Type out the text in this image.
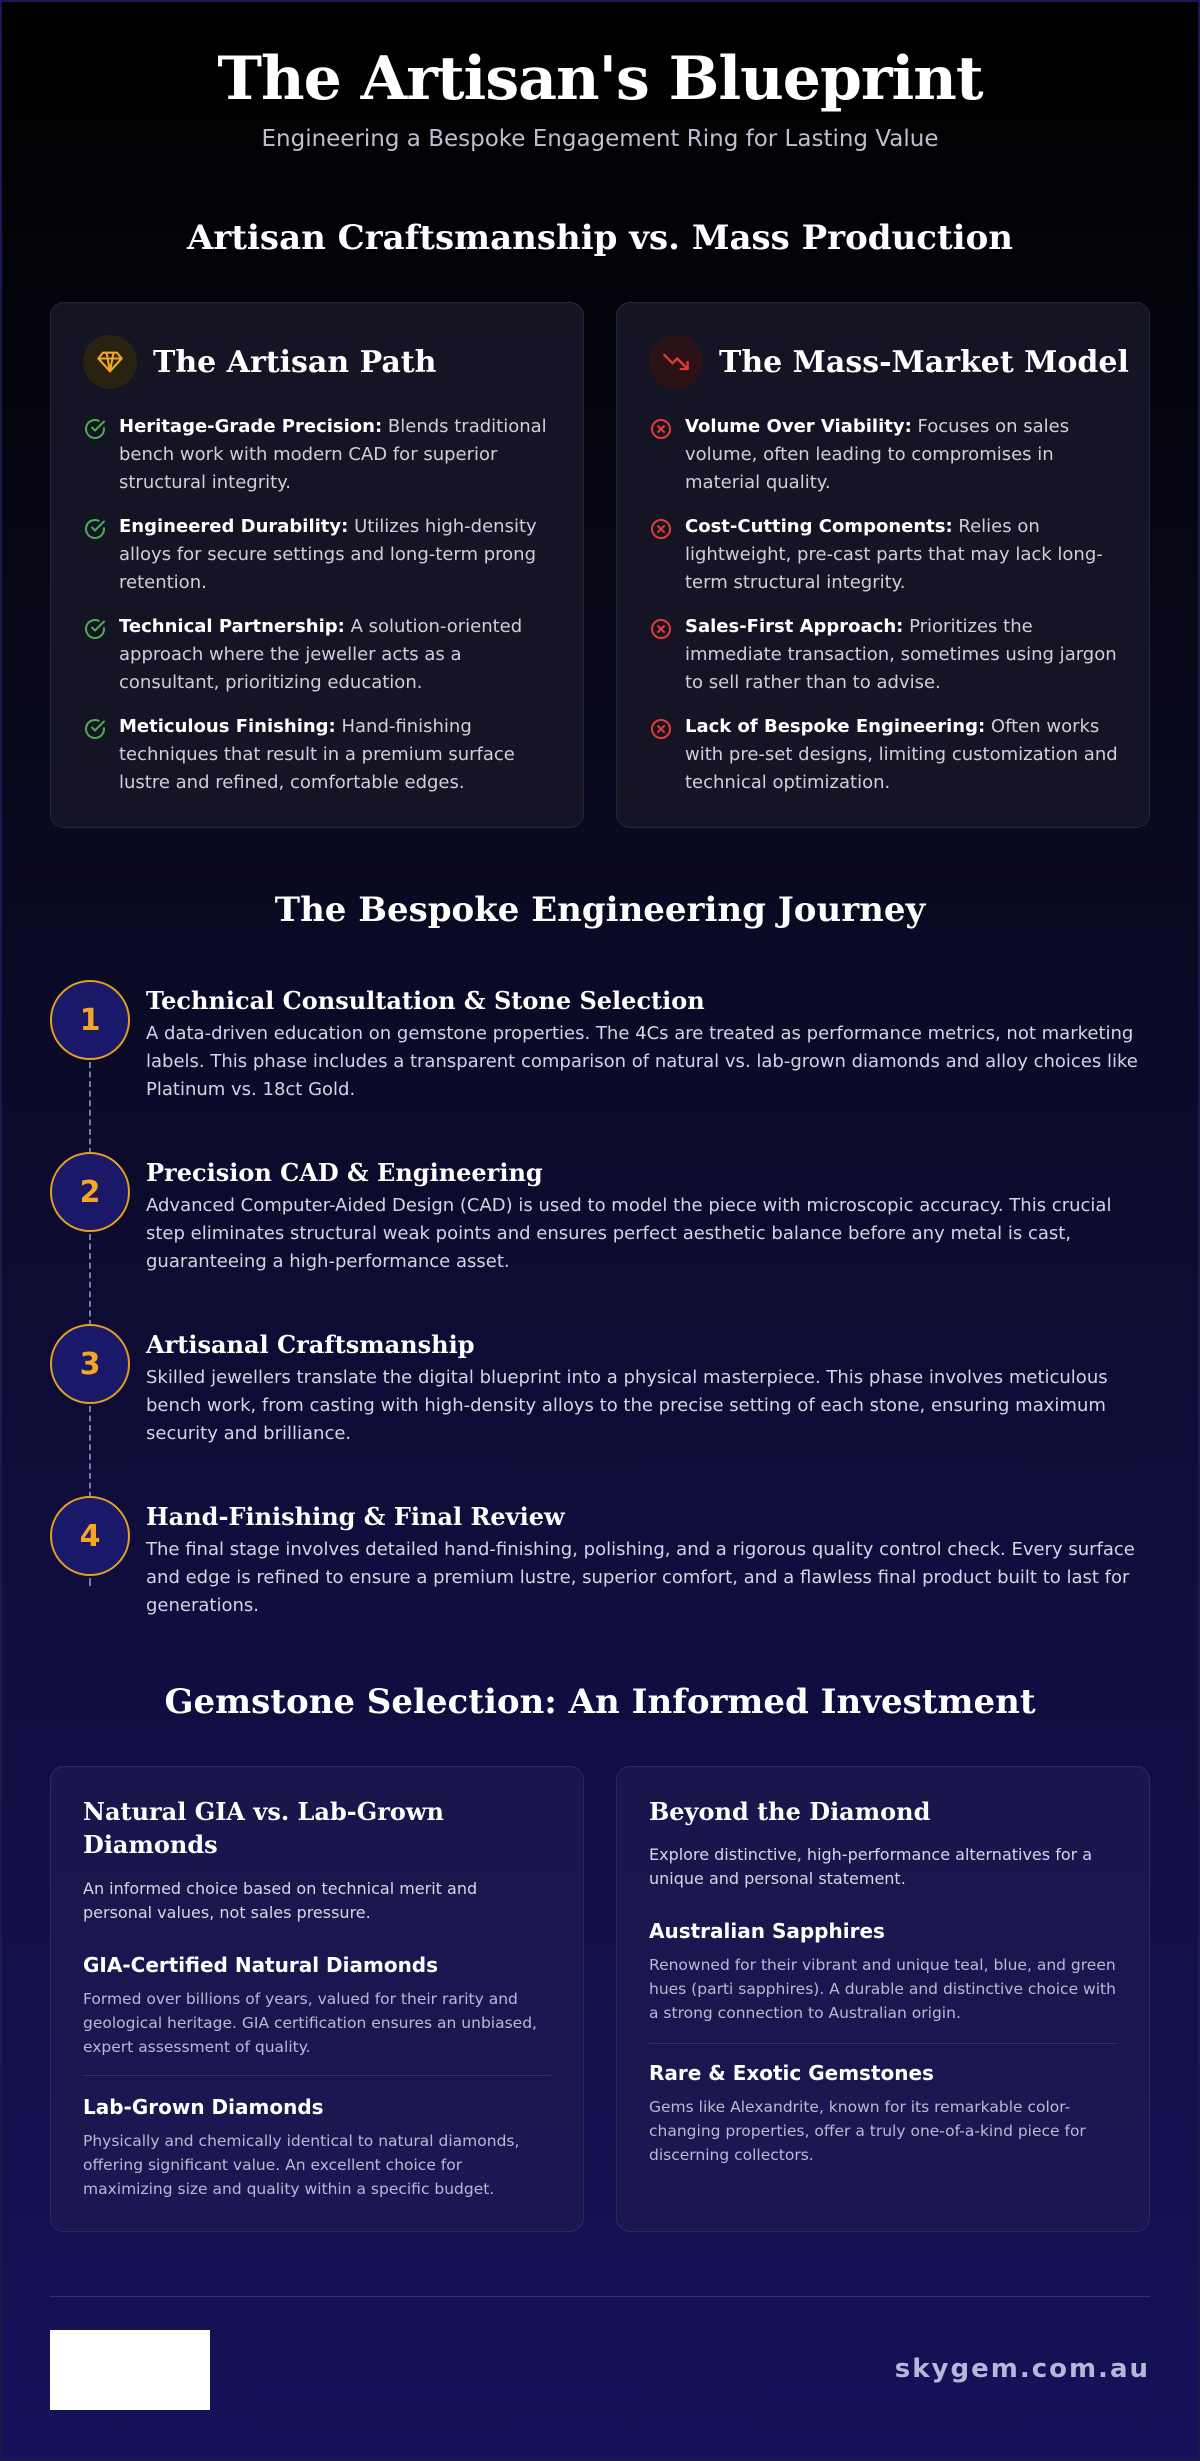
The Artisan's Blueprint
Engineering a Bespoke Engagement Ring for Lasting Value
Artisan Craftsmanship vs. Mass Production
The Artisan Path
Heritage-Grade Precision: Blends traditional bench work with modern CAD for superior structural integrity.
Engineered Durability: Utilizes high-density alloys for secure settings and long-term prong retention.
Technical Partnership: A solution-oriented approach where the jeweller acts as a consultant, prioritizing education.
Meticulous Finishing: Hand-finishing techniques that result in a premium surface lustre and refined, comfortable edges.
The Mass-Market Model
Volume Over Viability: Focuses on sales volume, often leading to compromises in material quality.
Cost-Cutting Components: Relies on lightweight, pre-cast parts that may lack long-term structural integrity.
Sales-First Approach: Prioritizes the immediate transaction, sometimes using jargon to sell rather than to advise.
Lack of Bespoke Engineering: Often works with pre-set designs, limiting customization and technical optimization.
The Bespoke Engineering Journey
1
Technical Consultation & Stone Selection
A data-driven education on gemstone properties. The 4Cs are treated as performance metrics, not marketing labels. This phase includes a transparent comparison of natural vs. lab-grown diamonds and alloy choices like Platinum vs. 18ct Gold.
2
Precision CAD & Engineering
Advanced Computer-Aided Design (CAD) is used to model the piece with microscopic accuracy. This crucial step eliminates structural weak points and ensures perfect aesthetic balance before any metal is cast, guaranteeing a high-performance asset.
3
Artisanal Craftsmanship
Skilled jewellers translate the digital blueprint into a physical masterpiece. This phase involves meticulous bench work, from casting with high-density alloys to the precise setting of each stone, ensuring maximum security and brilliance.
4
Hand-Finishing & Final Review
The final stage involves detailed hand-finishing, polishing, and a rigorous quality control check. Every surface and edge is refined to ensure a premium lustre, superior comfort, and a flawless final product built to last for generations.
Gemstone Selection: An Informed Investment
Natural GIA vs. Lab-Grown Diamonds
An informed choice based on technical merit and personal values, not sales pressure.
GIA-Certified Natural Diamonds
Formed over billions of years, valued for their rarity and geological heritage. GIA certification ensures an unbiased, expert assessment of quality.
Lab-Grown Diamonds
Physically and chemically identical to natural diamonds, offering significant value. An excellent choice for maximizing size and quality within a specific budget.
Beyond the Diamond
Explore distinctive, high-performance alternatives for a unique and personal statement.
Australian Sapphires
Renowned for their vibrant and unique teal, blue, and green hues (parti sapphires). A durable and distinctive choice with a strong connection to Australian origin.
Rare & Exotic Gemstones
Gems like Alexandrite, known for its remarkable color-changing properties, offer a truly one-of-a-kind piece for discerning collectors.
skygem.com.au
